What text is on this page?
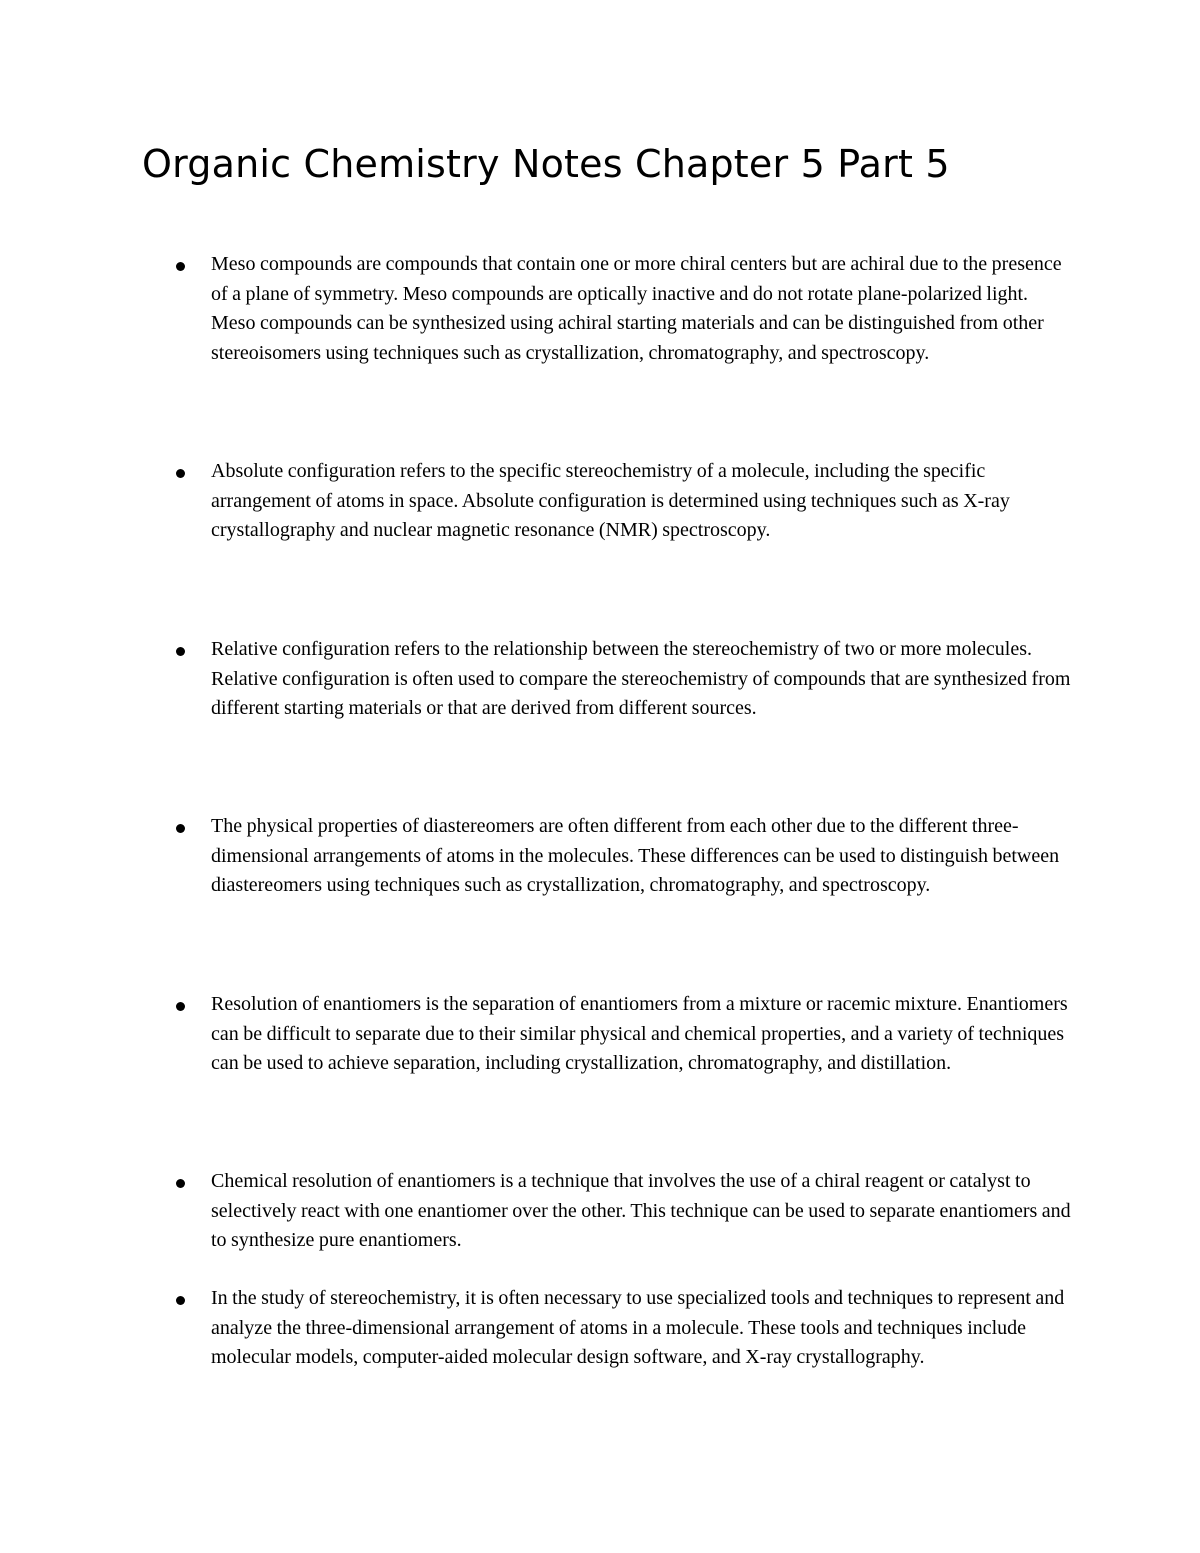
Organic Chemistry Notes Chapter 5 Part 5

Meso compounds are compounds that contain one or more chiral centers but are achiral due to the presence of a plane of symmetry. Meso compounds are optically inactive and do not rotate plane-polarized light. Meso compounds can be synthesized using achiral starting materials and can be distinguished from other stereoisomers using techniques such as crystallization, chromatography, and spectroscopy.

Absolute configuration refers to the specific stereochemistry of a molecule, including the specific arrangement of atoms in space. Absolute configuration is determined using techniques such as X-ray crystallography and nuclear magnetic resonance (NMR) spectroscopy.

Relative configuration refers to the relationship between the stereochemistry of two or more molecules. Relative configuration is often used to compare the stereochemistry of compounds that are synthesized from different starting materials or that are derived from different sources.

The physical properties of diastereomers are often different from each other due to the different three-dimensional arrangements of atoms in the molecules. These differences can be used to distinguish between diastereomers using techniques such as crystallization, chromatography, and spectroscopy.

Resolution of enantiomers is the separation of enantiomers from a mixture or racemic mixture. Enantiomers can be difficult to separate due to their similar physical and chemical properties, and a variety of techniques can be used to achieve separation, including crystallization, chromatography, and distillation.

Chemical resolution of enantiomers is a technique that involves the use of a chiral reagent or catalyst to selectively react with one enantiomer over the other. This technique can be used to separate enantiomers and to synthesize pure enantiomers.

In the study of stereochemistry, it is often necessary to use specialized tools and techniques to represent and analyze the three-dimensional arrangement of atoms in a molecule. These tools and techniques include molecular models, computer-aided molecular design software, and X-ray crystallography.
